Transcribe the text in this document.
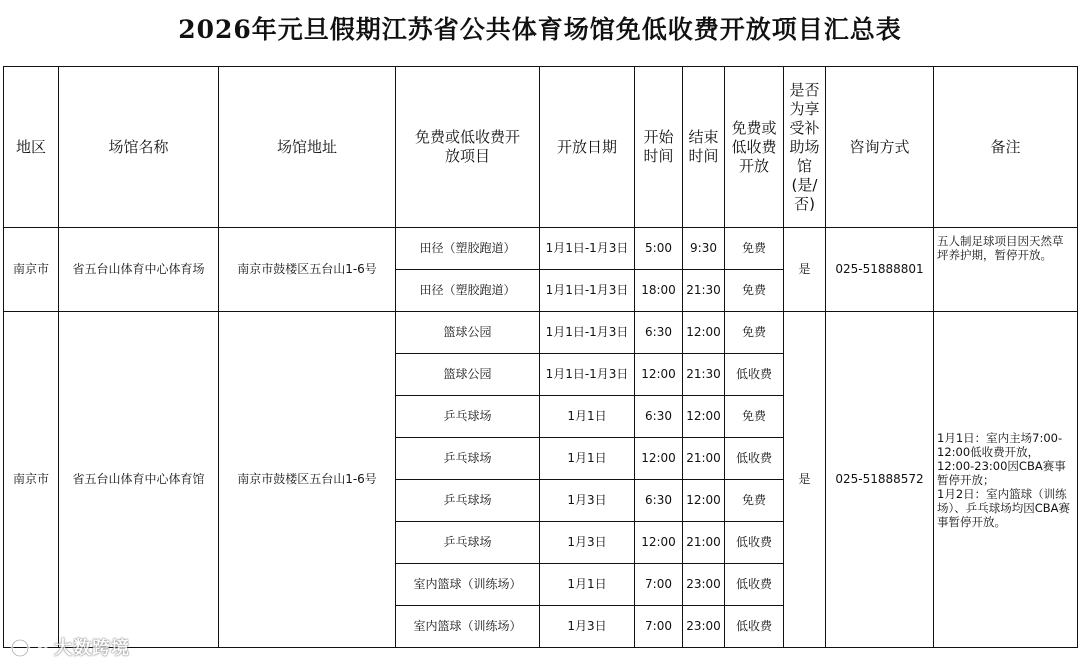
2026年元旦假期江苏省公共体育场馆免低收费开放项目汇总表
地区	场馆名称	场馆地址	免费或低收费开放项目	开放日期	开始时间	结束时间	免费或低收费开放	是否为享受补助场馆(是/否)	咨询方式	备注
南京市	省五台山体育中心体育场	南京市鼓楼区五台山1-6号	田径（塑胶跑道）	1月1日-1月3日	5:00	9:30	免费	是	025-51888801	五人制足球项目因天然草坪养护期，暂停开放。

			田径（塑胶跑道）	1月1日-1月3日	18:00	21:30	免费			
南京市	省五台山体育中心体育馆	南京市鼓楼区五台山1-6号	篮球公园	1月1日-1月3日	6:30	12:00	免费	是	025-51888572	1月1日：室内主场7:00-12:00低收费开放，12:00-23:00因CBA赛事暂停开放；
1月2日：室内篮球（训练场）、乒乓球场均因CBA赛事暂停开放。

			篮球公园	1月1日-1月3日	12:00	21:30	低收费			
			乒乓球场	1月1日	6:30	12:00	免费			
			乒乓球场	1月1日	12:00	21:00	低收费			
			乒乓球场	1月3日	6:30	12:00	免费			
			乒乓球场	1月3日	12:00	21:00	低收费			
			室内篮球（训练场）	1月1日	7:00	23:00	低收费			
			室内篮球（训练场）	1月3日	7:00	23:00	低收费			
大数跨境
